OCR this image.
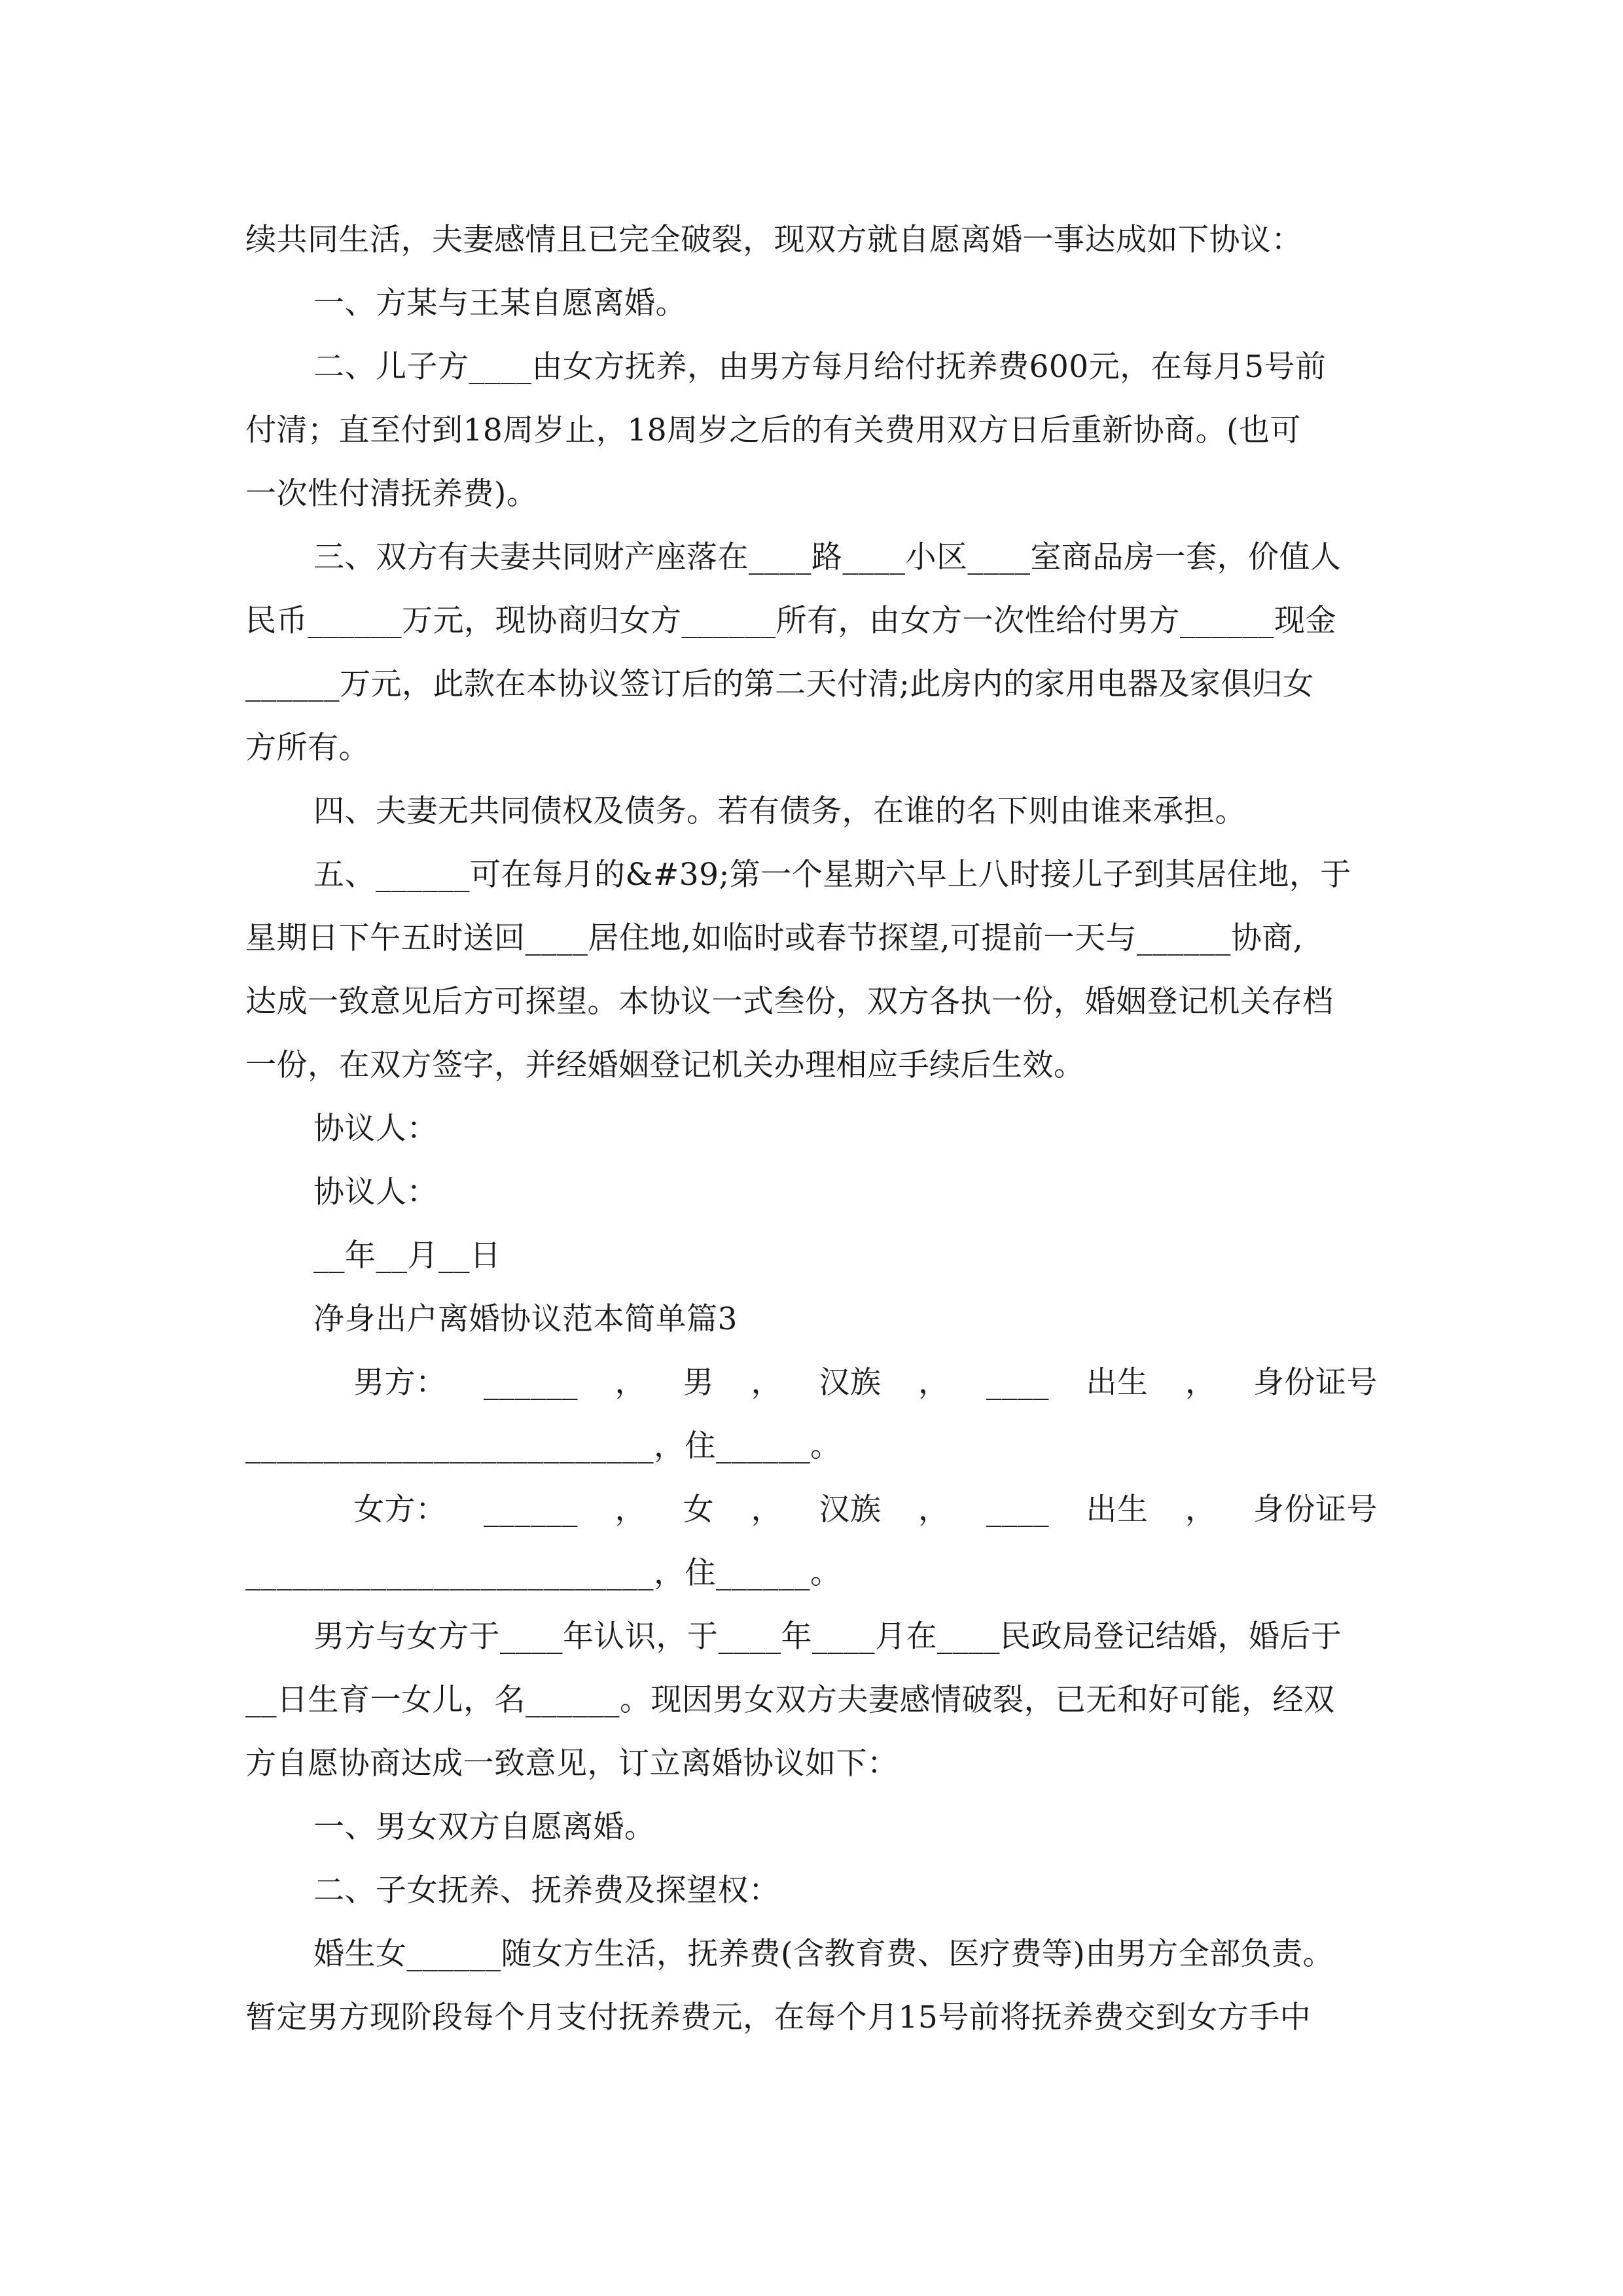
续共同生活，夫妻感情且已完全破裂，现双方就自愿离婚一事达成如下协议：
一、方某与王某自愿离婚。
二、儿子方____由女方抚养，由男方每月给付抚养费600元，在每月5号前
付清；直至付到18周岁止，18周岁之后的有关费用双方日后重新协商。(也可
一次性付清抚养费)。
三、双方有夫妻共同财产座落在____路____小区____室商品房一套，价值人
民币______万元，现协商归女方______所有，由女方一次性给付男方______现金
______万元，此款在本协议签订后的第二天付清;此房内的家用电器及家俱归女
方所有。
四、夫妻无共同债权及债务。若有债务，在谁的名下则由谁来承担。
五、______可在每月的&#39;第一个星期六早上八时接儿子到其居住地，于
星期日下午五时送回____居住地,如临时或春节探望,可提前一天与______协商,
达成一致意见后方可探望。本协议一式叁份，双方各执一份，婚姻登记机关存档
一份，在双方签字，并经婚姻登记机关办理相应手续后生效。
协议人：
协议人：
__年__月__日
净身出户离婚协议范本简单篇3
男方： ______ ， 男 ， 汉族 ， ____ 出生 ， 身份证号
__________________________，住______。
女方： ______ ， 女 ， 汉族 ， ____ 出生 ， 身份证号
__________________________，住______。
男方与女方于____年认识，于____年____月在____民政局登记结婚，婚后于
__日生育一女儿，名______。现因男女双方夫妻感情破裂，已无和好可能，经双
方自愿协商达成一致意见，订立离婚协议如下：
一、男女双方自愿离婚。
二、子女抚养、抚养费及探望权：
婚生女______随女方生活，抚养费(含教育费、医疗费等)由男方全部负责。
暂定男方现阶段每个月支付抚养费元，在每个月15号前将抚养费交到女方手中
